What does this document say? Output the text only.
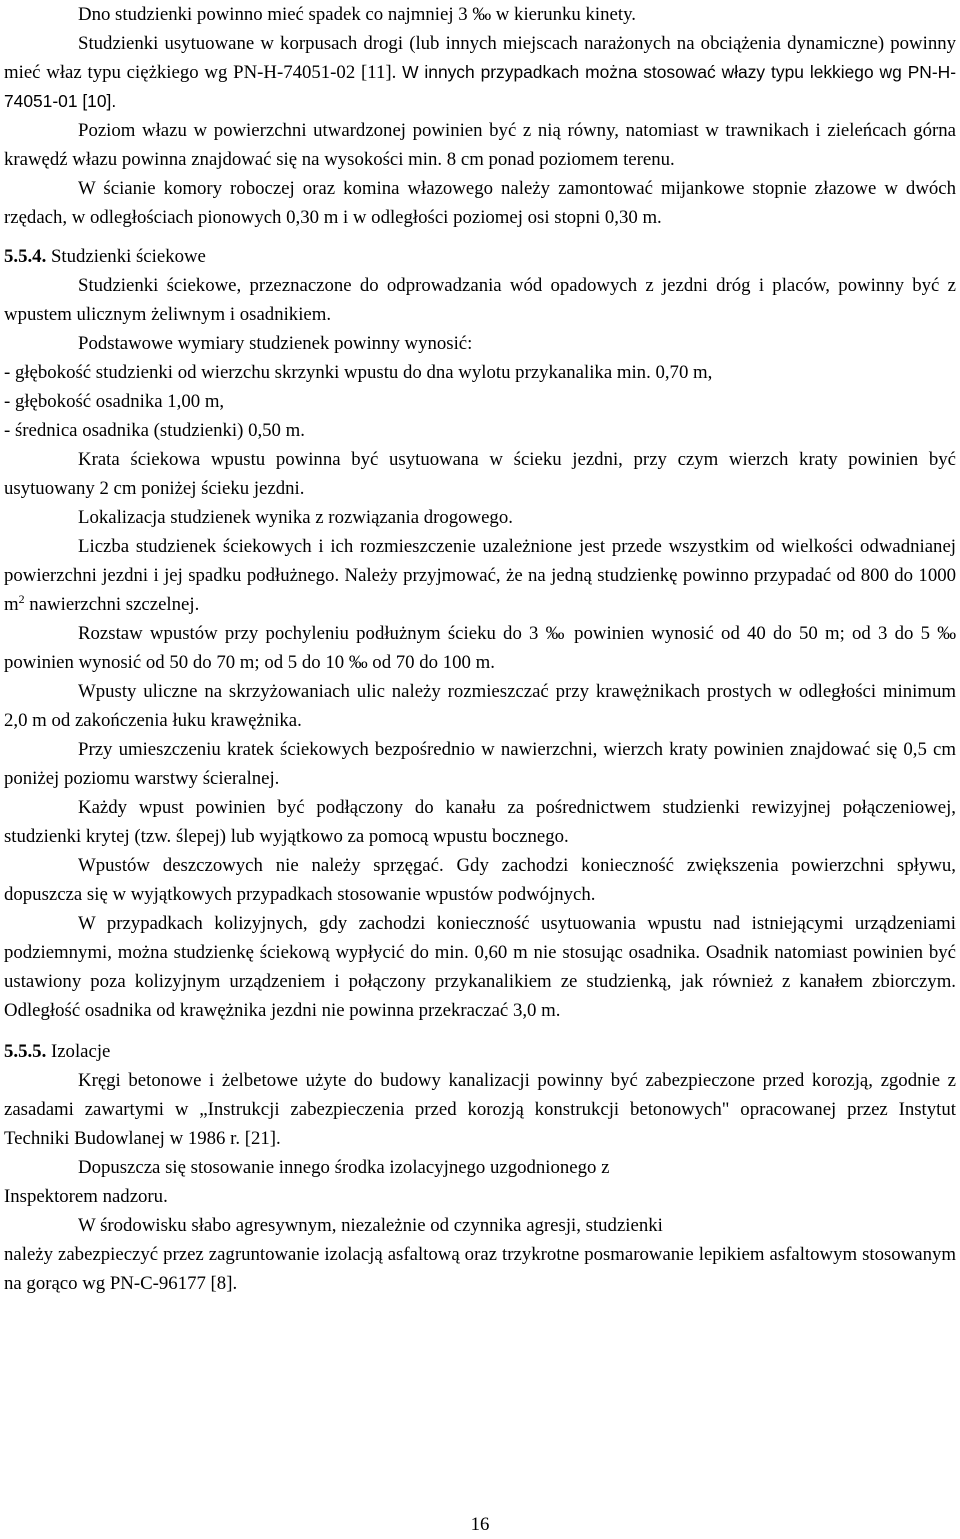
Dno studzienki powinno mieć spadek co najmniej 3 ‰ w kierunku kinety.

Studzienki usytuowane w korpusach drogi (lub innych miejscach narażonych na obciążenia dynamiczne) powinny mieć właz typu ciężkiego wg PN-H-74051-02 [11]. W innych przypadkach można stosować włazy typu lekkiego wg PN-H-74051-01 [10].

Poziom włazu w powierzchni utwardzonej powinien być z nią równy, natomiast w trawnikach i zieleńcach górna krawędź włazu powinna znajdować się na wysokości min. 8 cm ponad poziomem terenu.

W ścianie komory roboczej oraz komina włazowego należy zamontować mijankowe stopnie złazowe w dwóch rzędach, w odległościach pionowych 0,30 m i w odległości poziomej osi stopni 0,30 m.

5.5.4. Studzienki ściekowe

Studzienki ściekowe, przeznaczone do odprowadzania wód opadowych z jezdni dróg i placów, powinny być z wpustem ulicznym żeliwnym i osadnikiem.

Podstawowe wymiary studzienek powinny wynosić:

- głębokość studzienki od wierzchu skrzynki wpustu do dna wylotu przykanalika min. 0,70 m,

- głębokość osadnika 1,00 m,

- średnica osadnika (studzienki) 0,50 m.

Krata ściekowa wpustu powinna być usytuowana w ścieku jezdni, przy czym wierzch kraty powinien być usytuowany 2 cm poniżej ścieku jezdni.

Lokalizacja studzienek wynika z rozwiązania drogowego.

Liczba studzienek ściekowych i ich rozmieszczenie uzależnione jest przede wszystkim od wielkości odwadnianej powierzchni jezdni i jej spadku podłużnego. Należy przyjmować, że na jedną studzienkę powinno przypadać od 800 do 1000 $m^2$ nawierzchni szczelnej.

Rozstaw wpustów przy pochyleniu podłużnym ścieku do 3 ‰ powinien wynosić od 40 do 50 m; od 3 do 5 ‰ powinien wynosić od 50 do 70 m; od 5 do 10 ‰ od 70 do 100 m.

Wpusty uliczne na skrzyżowaniach ulic należy rozmieszczać przy krawężnikach prostych w odległości minimum 2,0 m od zakończenia łuku krawężnika.

Przy umieszczeniu kratek ściekowych bezpośrednio w nawierzchni, wierzch kraty powinien znajdować się 0,5 cm poniżej poziomu warstwy ścieralnej.

Każdy wpust powinien być podłączony do kanału za pośrednictwem studzienki rewizyjnej połączeniowej, studzienki krytej (tzw. ślepej) lub wyjątkowo za pomocą wpustu bocznego.

Wpustów deszczowych nie należy sprzęgać. Gdy zachodzi konieczność zwiększenia powierzchni spływu, dopuszcza się w wyjątkowych przypadkach stosowanie wpustów podwójnych.

W przypadkach kolizyjnych, gdy zachodzi konieczność usytuowania wpustu nad istniejącymi urządzeniami podziemnymi, można studzienkę ściekową wypłycić do min. 0,60 m nie stosując osadnika. Osadnik natomiast powinien być ustawiony poza kolizyjnym urządzeniem i połączony przykanalikiem ze studzienką, jak również z kanałem zbiorczym. Odległość osadnika od krawężnika jezdni nie powinna przekraczać 3,0 m.

5.5.5. Izolacje

Kręgi betonowe i żelbetowe użyte do budowy kanalizacji powinny być zabezpieczone przed korozją, zgodnie z zasadami zawartymi w „Instrukcji zabezpieczenia przed korozją konstrukcji betonowych" opracowanej przez Instytut Techniki Budowlanej w 1986 r. [21].

Dopuszcza się stosowanie innego środka izolacyjnego uzgodnionego z

Inspektorem nadzoru.

W środowisku słabo agresywnym, niezależnie od czynnika agresji, studzienki

należy zabezpieczyć przez zagruntowanie izolacją asfaltową oraz trzykrotne posmarowanie lepikiem asfaltowym stosowanym na gorąco wg PN-C-96177 [8].

16
